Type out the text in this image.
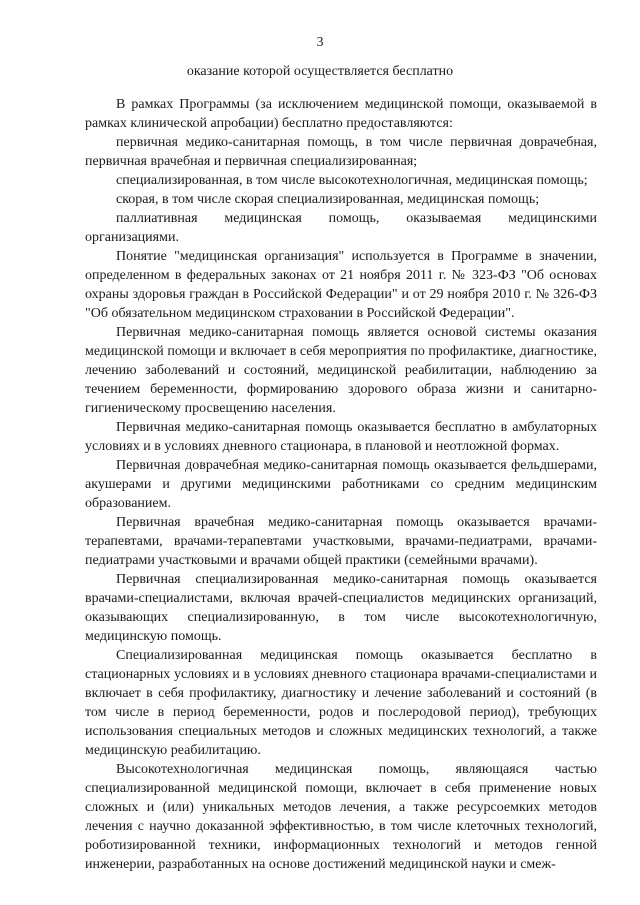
3
оказание которой осуществляется бесплатно

В рамках Программы (за исключением медицинской помощи, оказываемой в рамках клинической апробации) бесплатно предоставляются:

первичная медико-санитарная помощь, в том числе первичная доврачебная, первичная врачебная и первичная специализированная;

специализированная, в том числе высокотехнологичная, медицинская помощь;

скорая, в том числе скорая специализированная, медицинская помощь;

паллиативная медицинская помощь, оказываемая медицинскими организациями.

Понятие "медицинская организация" используется в Программе в значении, определенном в федеральных законах от 21 ноября 2011 г. № 323-ФЗ "Об основах охраны здоровья граждан в Российской Федерации" и от 29 ноября 2010 г. № 326-ФЗ "Об обязательном медицинском страховании в Российской Федерации".

Первичная медико-санитарная помощь является основой системы оказания медицинской помощи и включает в себя мероприятия по профилактике, диагностике, лечению заболеваний и состояний, медицинской реабилитации, наблюдению за течением беременности, формированию здорового образа жизни и санитарно-гигиеническому просвещению населения.

Первичная медико-санитарная помощь оказывается бесплатно в амбулаторных условиях и в условиях дневного стационара, в плановой и неотложной формах.

Первичная доврачебная медико-санитарная помощь оказывается фельдшерами, акушерами и другими медицинскими работниками со средним медицинским образованием.

Первичная врачебная медико-санитарная помощь оказывается врачами-терапевтами, врачами-терапевтами участковыми, врачами-педиатрами, врачами-педиатрами участковыми и врачами общей практики (семейными врачами).

Первичная специализированная медико-санитарная помощь оказывается врачами-специалистами, включая врачей-специалистов медицинских организаций, оказывающих специализированную, в том числе высокотехнологичную, медицинскую помощь.

Специализированная медицинская помощь оказывается бесплатно в стационарных условиях и в условиях дневного стационара врачами-специалистами и включает в себя профилактику, диагностику и лечение заболеваний и состояний (в том числе в период беременности, родов и послеродовой период), требующих использования специальных методов и сложных медицинских технологий, а также медицинскую реабилитацию.

Высокотехнологичная медицинская помощь, являющаяся частью специализированной медицинской помощи, включает в себя применение новых сложных и (или) уникальных методов лечения, а также ресурсоемких методов лечения с научно доказанной эффективностью, в том числе клеточных технологий, роботизированной техники, информационных технологий и методов генной инженерии, разработанных на основе достижений медицинской науки и смеж-
